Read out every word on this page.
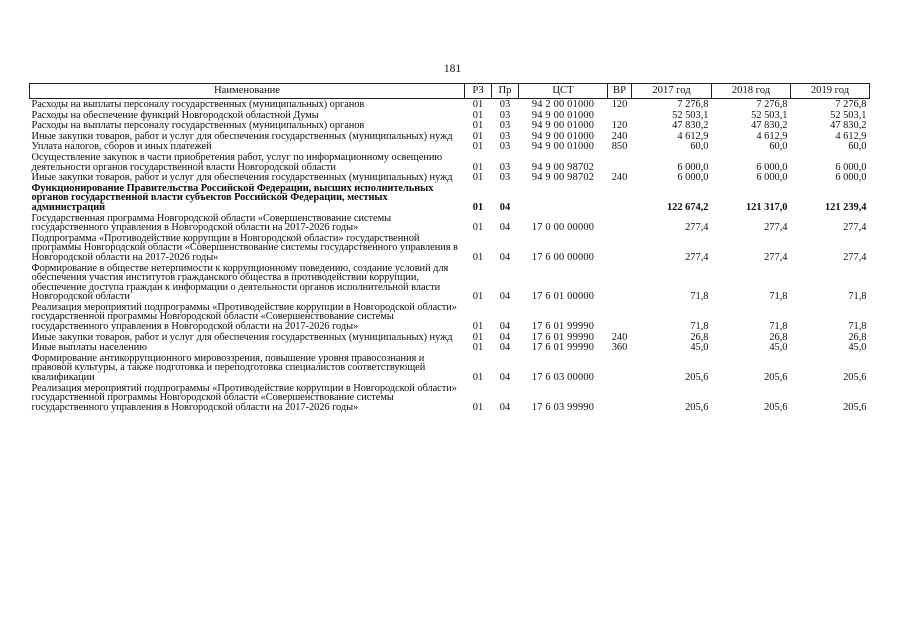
181
Наименование	РЗ	Пр	ЦСТ	ВР	2017 год	2018 год	2019 год
Расходы на выплаты персоналу государственных (муниципальных) органов	01	03	94 2 00 01000	120	7 276,8	7 276,8	7 276,8
Расходы на обеспечение функций Новгородской областной Думы	01	03	94 9 00 01000		52 503,1	52 503,1	52 503,1
Расходы на выплаты персоналу государственных (муниципальных) органов	01	03	94 9 00 01000	120	47 830,2	47 830,2	47 830,2
Иные закупки товаров, работ и услуг для обеспечения государственных (муниципальных) нужд	01	03	94 9 00 01000	240	4 612,9	4 612,9	4 612,9
Уплата налогов, сборов и иных платежей	01	03	94 9 00 01000	850	60,0	60,0	60,0
Осуществление закупок в части приобретения работ, услуг по информационному освещению деятельности органов государственной власти Новгородской области	01	03	94 9 00 98702		6 000,0	6 000,0	6 000,0
Иные закупки товаров, работ и услуг для обеспечения государственных (муниципальных) нужд	01	03	94 9 00 98702	240	6 000,0	6 000,0	6 000,0
Функционирование Правительства Российской Федерации, высших исполнительных органов государственной власти субъектов Российской Федерации, местных администраций	01	04			122 674,2	121 317,0	121 239,4
Государственная программа Новгородской области «Совершенствование системы государственного управления в Новгородской области на 2017-2026 годы»	01	04	17 0 00 00000		277,4	277,4	277,4
Подпрограмма «Противодействие коррупции в Новгородской области» государственной программы Новгородской области «Совершенствование системы государственного управления в Новгородской области на 2017-2026 годы»	01	04	17 6 00 00000		277,4	277,4	277,4
Формирование в обществе нетерпимости к коррупционному поведению, создание условий для обеспечения участия институтов гражданского общества в противодействии коррупции, обеспечение доступа граждан к информации о деятельности органов исполнительной власти Новгородской области	01	04	17 6 01 00000		71,8	71,8	71,8
Реализация мероприятий подпрограммы «Противодействие коррупции в Новгородской области» государственной программы Новгородской области «Совершенствование системы государственного управления в Новгородской области на 2017-2026 годы»	01	04	17 6 01 99990		71,8	71,8	71,8
Иные закупки товаров, работ и услуг для обеспечения государственных (муниципальных) нужд	01	04	17 6 01 99990	240	26,8	26,8	26,8
Иные выплаты населению	01	04	17 6 01 99990	360	45,0	45,0	45,0
Формирование антикоррупционного мировоззрения, повышение уровня правосознания и правовой культуры, а также подготовка и переподготовка специалистов соответствующей квалификации	01	04	17 6 03 00000		205,6	205,6	205,6
Реализация мероприятий подпрограммы «Противодействие коррупции в Новгородской области» государственной программы Новгородской области «Совершенствование системы государственного управления в Новгородской области на 2017-2026 годы»	01	04	17 6 03 99990		205,6	205,6	205,6
